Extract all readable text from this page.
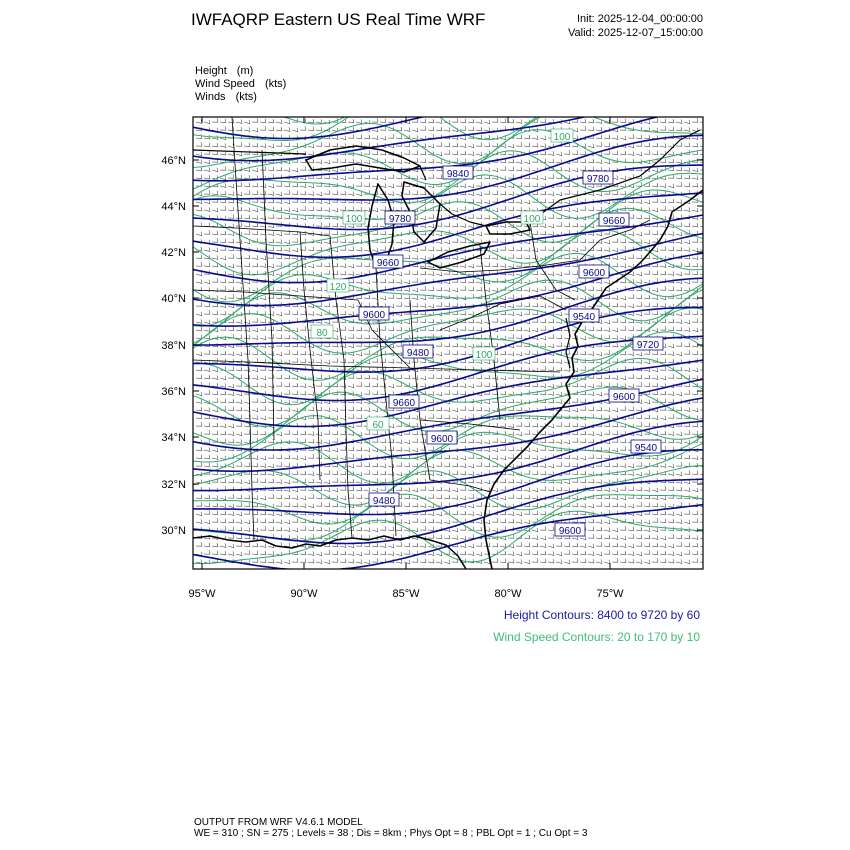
IWFAQRP Eastern US Real Time WRF	Init: 2025-12-04_00:00:00
Valid: 2025-12-07_15:00:00
Height (m)
Wind Speed (kts)
Winds (kts)
46°N
44°N
42°N
40°N
38°N
36°N
34°N
32°N
30°N
95°W	90°W	85°W	80°W	75°W
9840	9780
9780	9660
9660
9600
9600	9540
9480
9720
9660
9600
9600
9540
9480
9600
100
100
100
120
80
100
60
Height Contours: 8400 to 9720 by 60
Wind Speed Contours: 20 to 170 by 10
OUTPUT FROM WRF V4.6.1 MODEL
WE = 310 ; SN = 275 ; Levels = 38 ; Dis = 8km ; Phys Opt = 8 ; PBL Opt = 1 ; Cu Opt = 3
